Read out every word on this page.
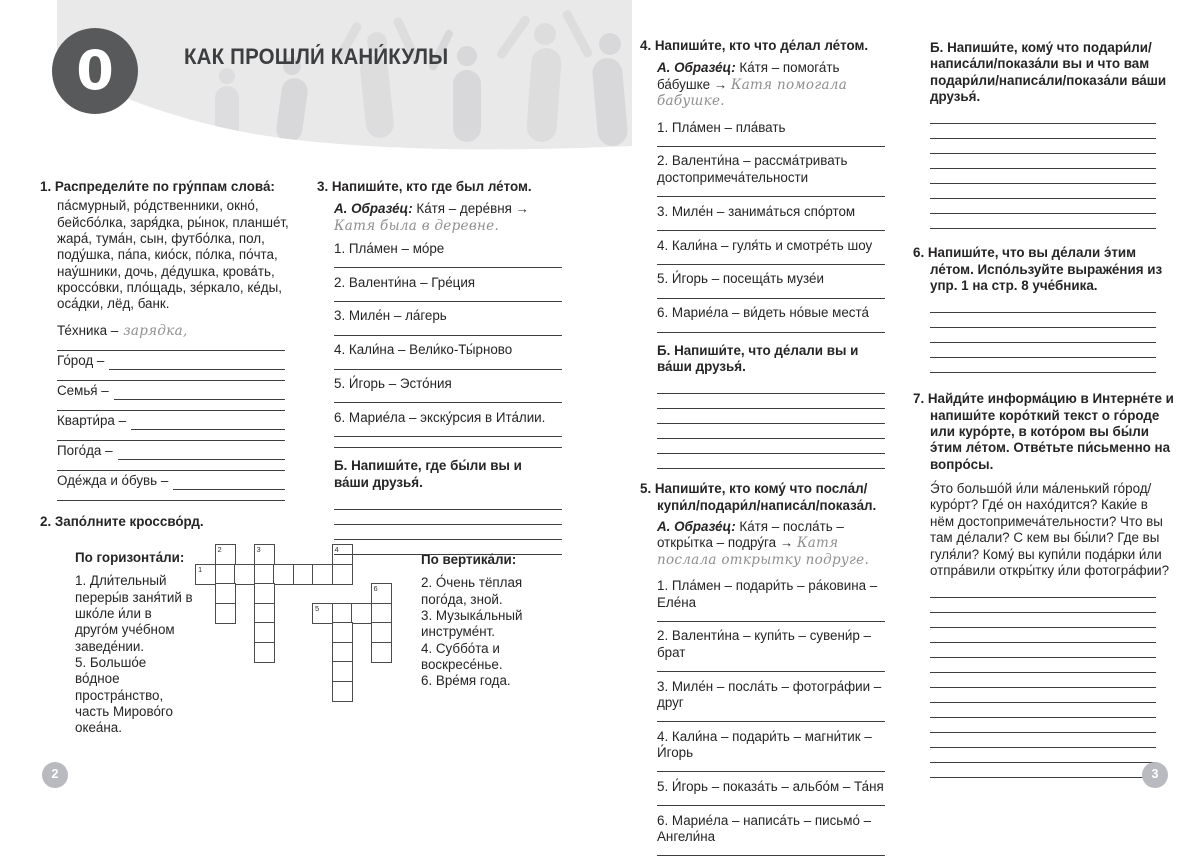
КАК ПРОШЛИ́ КАНИ́КУЛЫ
0

1. Распредели́те по гру́ппам слова́:

па́смурный, ро́дственники, окно́, бейсбо́лка, заря́дка, ры́нок, планше́т, жара́, тума́н, сын, футбо́лка, пол, поду́шка, па́па, кио́ск, по́лка, по́чта, нау́шники, дочь, де́душка, крова́ть, кроссо́вки, пло́щадь, зе́ркало, ке́ды, оса́дки, лёд, банк.

Те́хника – зарядка,
Го́род –
Семья́ –
Кварти́ра –
Пого́да –
Оде́жда и о́бувь –

2. Запо́лните кроссво́рд.

По горизонта́ли:

1. Дли́тельный переры́в заня́тий в шко́ле и́ли в друго́м уче́бном заведе́нии.

5. Большо́е во́дное простра́нство, часть Мирово́го океа́на.

2	3	4
1
6
5

По вертика́ли:

2. О́чень тёплая пого́да, зной.

3. Музыка́льный инструме́нт.

4. Суббо́та и воскресе́нье.

6. Вре́мя года.

3. Напиши́те, кто где был ле́том.

А. Образе́ц: Ка́тя – дере́вня → Катя была в деревне.

1. Пла́мен – мо́ре

2. Валенти́на – Гре́ция

3. Миле́н – ла́герь

4. Кали́на – Вели́ко-Ты́рново

5. И́горь – Эсто́ния

6. Марие́ла – экску́рсия в Ита́лии.

Б. Напиши́те, где бы́ли вы и ва́ши друзья́.

2

4. Напиши́те, кто что де́лал ле́том.

А. Образе́ц: Ка́тя – помога́ть ба́бушке → Катя помогала бабушке.

1. Пла́мен – пла́вать

2. Валенти́на – рассма́тривать достопримеча́тельности

3. Миле́н – занима́ться спо́ртом

4. Кали́на – гуля́ть и смотре́ть шоу

5. И́горь – посеща́ть музе́и

6. Марие́ла – ви́деть но́вые места́

Б. Напиши́те, что де́лали вы и ва́ши друзья́.

5. Напиши́те, кто кому́ что посла́л/​купи́л/​подари́л/​написа́л/​показа́л.

А. Образе́ц: Ка́тя – посла́ть – откры́тка – подру́га → Катя послала открытку подруге.

1. Пла́мен – подари́ть – ра́ковина – Еле́на

2. Валенти́на – купи́ть – сувени́р – брат

3. Миле́н – посла́ть – фотогра́фии – друг

4. Кали́на – подари́ть – магни́тик – И́горь

5. И́горь – показа́ть – альбо́м – Та́ня

6. Марие́ла – написа́ть – письмо́ – Ангели́на

Б. Напиши́те, кому́ что подари́ли/​написа́ли/​показа́ли вы и что вам подари́ли/​написа́ли/​показа́ли ва́ши друзья́.

6. Напиши́те, что вы де́лали э́тим ле́том. Испо́льзуйте выраже́ния из упр. 1 на стр. 8 уче́бника.

7. Найди́те информа́цию в Интерне́те и напиши́те коро́ткий текст о го́роде или куро́рте, в кото́ром вы бы́ли э́тим ле́том. Отве́тьте пи́сьменно на вопро́сы.

Э́то большо́й и́ли ма́ленький го́род/​куро́рт? Где́ он нахо́дится? Каки́е в нём достопримеча́тельности? Что вы там де́лали? С кем вы бы́ли? Где вы гуля́ли? Кому́ вы купи́ли пода́рки и́ли отпра́вили откры́тку и́ли фотогра́фии?

3
